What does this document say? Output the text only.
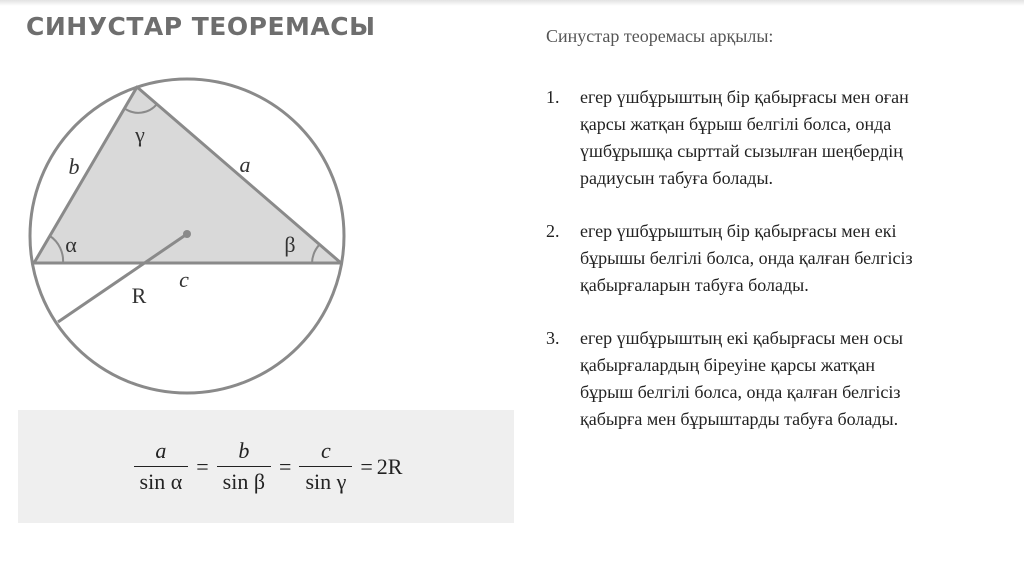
СИНУСТАР ТЕОРЕМАСЫ
γ
b	a
α	β
c
R
$\frac{a}{\text{sin α}} = \frac{b}{\text{sin β}} = \frac{c}{\text{sin γ}} = 2R$
Синустар теоремасы арқылы:
1.	егер үшбұрыштың бір қабырғасы мен оған
қарсы жатқан бұрыш белгілі болса, онда
үшбұрышқа сырттай сызылған шеңбердің
радиусын табуға болады.
2.	егер үшбұрыштың бір қабырғасы мен екі
бұрышы белгілі болса, онда қалған белгісіз
қабырғаларын табуға болады.
3.	егер үшбұрыштың екі қабырғасы мен осы
қабырғалардың біреуіне қарсы жатқан
бұрыш белгілі болса, онда қалған белгісіз
қабырға мен бұрыштарды табуға болады.
